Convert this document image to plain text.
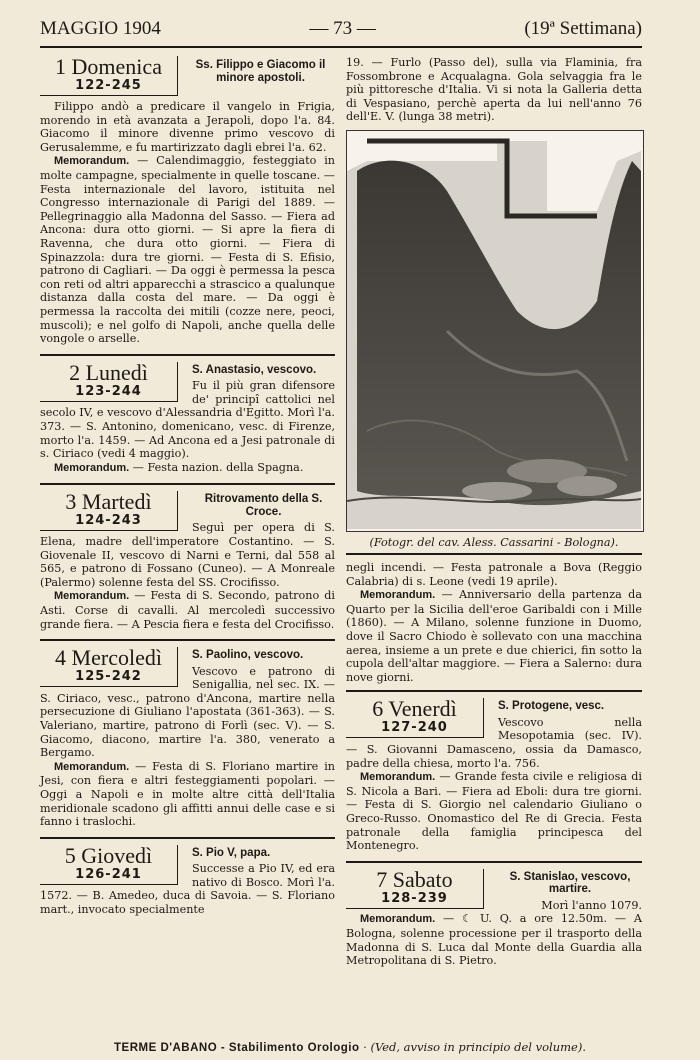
MAGGIO 1904	— 73 —	(19ª Settimana)
1 Domenica
122-245
Ss. Filippo e Giacomo il minore apostoli.

Filippo andò a predicare il vangelo in Frigia, morendo in età avanzata a Jerapoli, dopo l'a. 84. Giacomo il minore divenne primo vescovo di Gerusalemme, e fu martirizzato dagli ebrei l'a. 62.

Memorandum. — Calendimaggio, festeggiato in molte campagne, specialmente in quelle toscane. — Festa internazionale del lavoro, istituita nel Congresso internazionale di Parigi del 1889. — Pellegrinaggio alla Madonna del Sasso. — Fiera ad Ancona: dura otto giorni. — Si apre la fiera di Ravenna, che dura otto giorni. — Fiera di Spinazzola: dura tre giorni. — Festa di S. Efisio, patrono di Cagliari. — Da oggi è permessa la pesca con reti od altri apparecchi a strascico a qualunque distanza dalla costa del mare. — Da oggi è permessa la raccolta dei mitili (cozze nere, peoci, muscoli); e nel golfo di Napoli, anche quella delle vongole o arselle.

2 Lunedì
123-244
S. Anastasio, vescovo.

Fu il più gran difensore de' principî cattolici nel secolo IV, e vescovo d'Alessandria d'Egitto. Morì l'a. 373. — S. Antonino, domenicano, vesc. di Firenze, morto l'a. 1459. — Ad Ancona ed a Jesi patronale di s. Ciriaco (vedi 4 maggio).

Memorandum. — Festa nazion. della Spagna.

3 Martedì
124-243
Ritrovamento della S. Croce.

Seguì per opera di S. Elena, madre dell'imperatore Costantino. — S. Giovenale II, vescovo di Narni e Terni, dal 558 al 565, e patrono di Fossano (Cuneo). — A Monreale (Palermo) solenne festa del SS. Crocifisso.

Memorandum. — Festa di S. Secondo, patrono di Asti. Corse di cavalli. Al mercoledì successivo grande fiera. — A Pescia fiera e festa del Crocifisso.

4 Mercoledì
125-242
S. Paolino, vescovo.

Vescovo e patrono di Senigallia, nel sec. IX. — S. Ciriaco, vesc., patrono d'Ancona, martire nella persecuzione di Giuliano l'apostata (361-363). — S. Valeriano, martire, patrono di Forlì (sec. V). — S. Giacomo, diacono, martire l'a. 380, venerato a Bergamo.

Memorandum. — Festa di S. Floriano martire in Jesi, con fiera e altri festeggiamenti popolari. — Oggi a Napoli e in molte altre città dell'Italia meridionale scadono gli affitti annui delle case e si fanno i traslochi.

5 Giovedì
126-241
S. Pio V, papa.

Successe a Pio IV, ed era nativo di Bosco. Morì l'a. 1572. — B. Amedeo, duca di Savoia. — S. Floriano mart., invocato specialmente

19. — Furlo (Passo del), sulla via Flaminia, fra Fossombrone e Acqualagna. Gola selvaggia fra le più pittoresche d'Italia. Vi si nota la Galleria detta di Vespasiano, perchè aperta da lui nell'anno 76 dell'E. V. (lunga 38 metri).

(Fotogr. del cav. Aless. Cassarini - Bologna).

negli incendi. — Festa patronale a Bova (Reggio Calabria) di s. Leone (vedi 19 aprile).

Memorandum. — Anniversario della partenza da Quarto per la Sicilia dell'eroe Garibaldi con i Mille (1860). — A Milano, solenne funzione in Duomo, dove il Sacro Chiodo è sollevato con una macchina aerea, insieme a un prete e due chierici, fin sotto la cupola dell'altar maggiore. — Fiera a Salerno: dura nove giorni.

6 Venerdì
127-240
S. Protogene, vesc.

Vescovo nella Mesopotamia (sec. IV). — S. Giovanni Damasceno, ossia da Damasco, padre della chiesa, morto l'a. 756.

Memorandum. — Grande festa civile e religiosa di S. Nicola a Bari. — Fiera ad Eboli: dura tre giorni. — Festa di S. Giorgio nel calendario Giuliano o Greco-Russo. Onomastico del Re di Grecia. Festa patronale della famiglia principesca del Montenegro.

7 Sabato
128-239
S. Stanislao, vescovo, martire.

Morì l'anno 1079.

Memorandum. — ☾ U. Q. a ore 12.50m. — A Bologna, solenne processione per il trasporto della Madonna di S. Luca dal Monte della Guardia alla Metropolitana di S. Pietro.

TERME D'ABANO - Stabilimento Orologio · (Ved, avviso in principio del volume).
